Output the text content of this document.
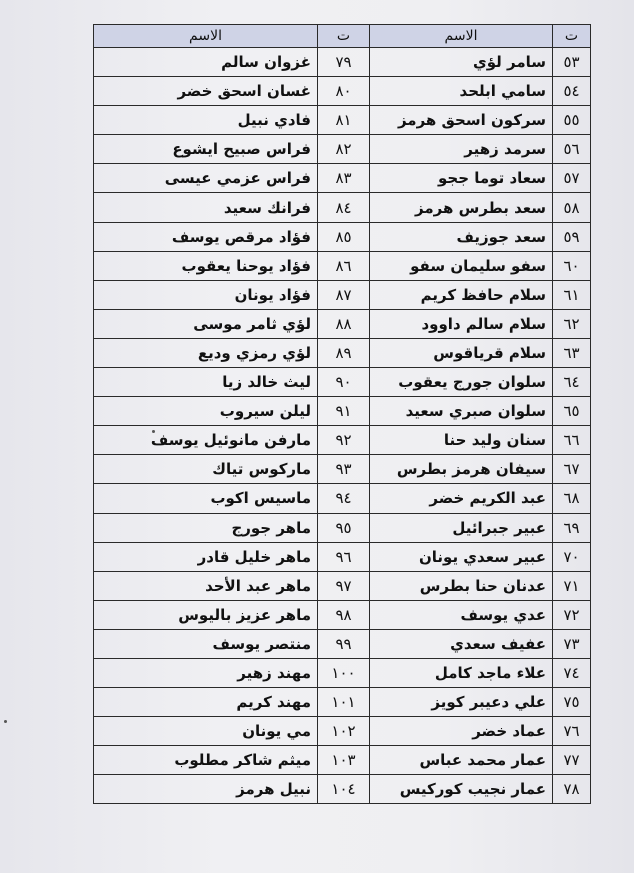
ت	الاسم	ت	الاسم
٥٣	سامر لؤي	٧٩	غزوان سالم
٥٤	سامي ابلحد	٨٠	غسان اسحق خضر
٥٥	سركون اسحق هرمز	٨١	فادي نبيل
٥٦	سرمد زهير	٨٢	فراس صبيح ايشوع
٥٧	سعاد توما ججو	٨٣	فراس عزمي عيسى
٥٨	سعد بطرس هرمز	٨٤	فرانك سعيد
٥٩	سعد جوزيف	٨٥	فؤاد مرقص يوسف
٦٠	سفو سليمان سفو	٨٦	فؤاد يوحنا يعقوب
٦١	سلام حافظ كريم	٨٧	فؤاد يونان
٦٢	سلام سالم داوود	٨٨	لؤي ثامر موسى
٦٣	سلام قرياقوس	٨٩	لؤي رمزي وديع
٦٤	سلوان جورج يعقوب	٩٠	ليث خالد زيا
٦٥	سلوان صبري سعيد	٩١	ليلن سيروب
٦٦	سنان وليد حنا	٩٢	مارفن مانوئيل يوسف
٦٧	سيفان هرمز بطرس	٩٣	ماركوس تياك
٦٨	عبد الكريم خضر	٩٤	ماسيس اكوب
٦٩	عبير جبرائيل	٩٥	ماهر جورج
٧٠	عبير سعدي يونان	٩٦	ماهر خليل قادر
٧١	عدنان حنا بطرس	٩٧	ماهر عبد الأحد
٧٢	عدي يوسف	٩٨	ماهر عزيز باليوس
٧٣	عفيف سعدي	٩٩	منتصر يوسف
٧٤	علاء ماجد كامل	١٠٠	مهند زهير
٧٥	علي دعيبر كويز	١٠١	مهند كريم
٧٦	عماد خضر	١٠٢	مي يونان
٧٧	عمار محمد عباس	١٠٣	ميثم شاكر مطلوب
٧٨	عمار نجيب كوركيس	١٠٤	نبيل هرمز
